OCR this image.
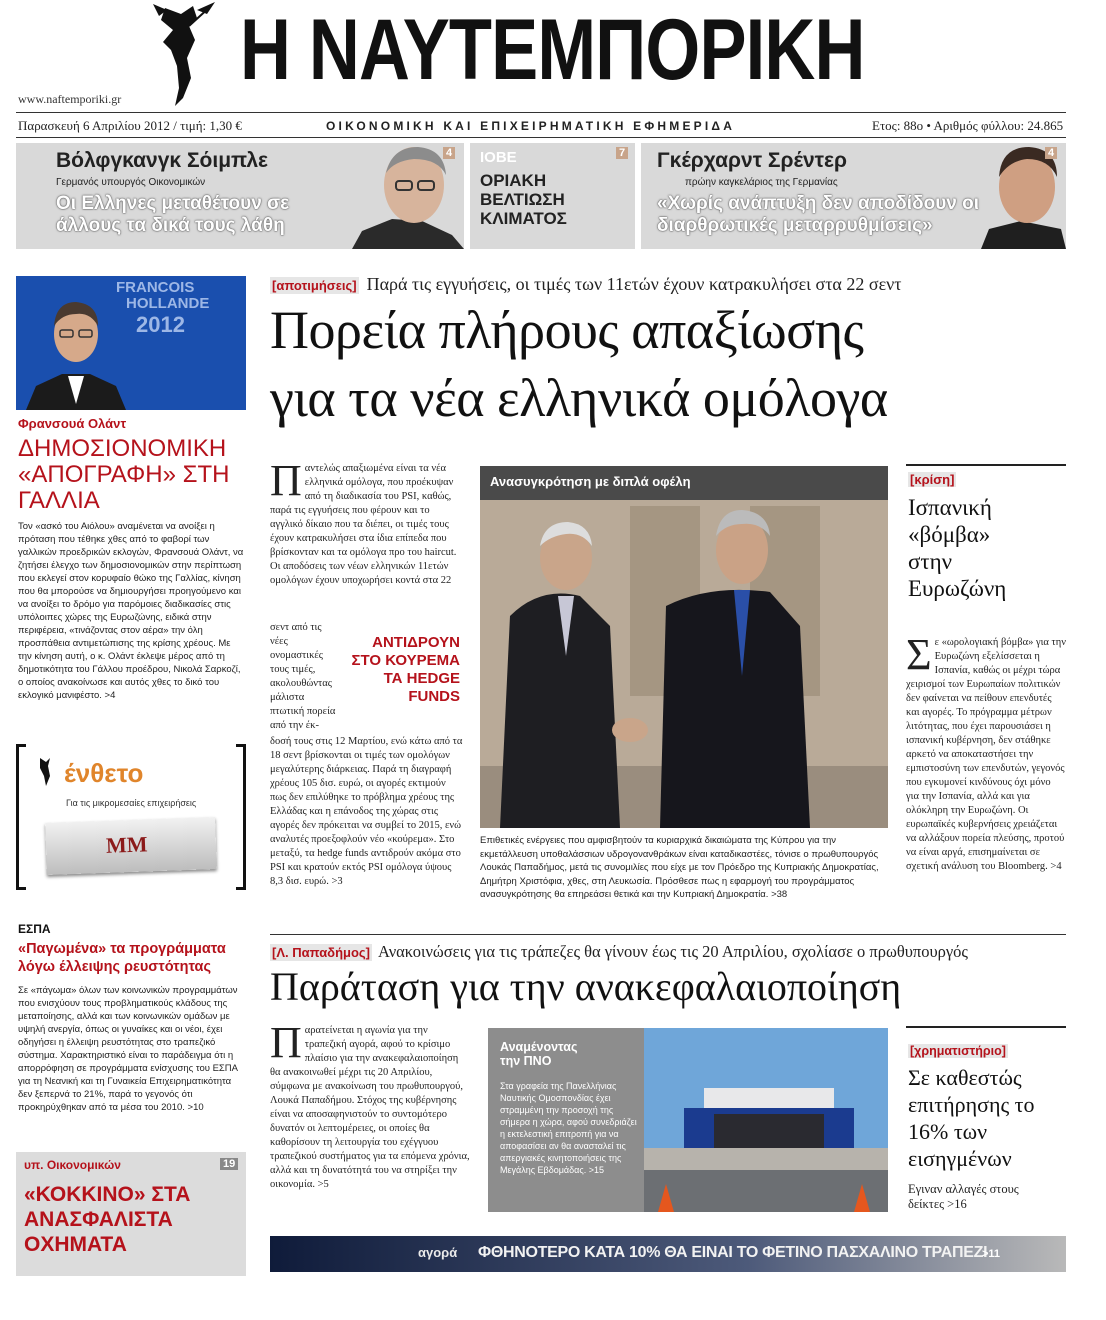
Η ΝΑΥΤΕΜΠΟΡΙΚΗ
www.naftemporiki.gr
Παρασκευή 6 Απριλίου 2012 / τιμή: 1,30 €	ΟΙΚΟΝΟΜΙΚΗ ΚΑΙ ΕΠΙΧΕΙΡΗΜΑΤΙΚΗ ΕΦΗΜΕΡΙΔΑ	Ετος: 88ο • Αριθμός φύλλου: 24.865
Βόλφγκανγκ Σόιμπλε
Γερμανός υπουργός Οικονομικών
Οι Ελληνες μεταθέτουν σε άλλους τα δικά τους λάθη
4 ΙΟΒΕ
ΟΡΙΑΚΗ ΒΕΛΤΙΩΣΗ ΚΛΙΜΑΤΟΣ
7 Γκέρχαρντ Σρέντερ
πρώην καγκελάριος της Γερμανίας
«Χωρίς ανάπτυξη δεν αποδίδουν οι διαρθρωτικές μεταρρυθμίσεις»
4
FRANCOIS
HOLLANDE
2012
Φρανσουά Ολάντ
ΔΗΜΟΣΙΟΝΟΜΙΚΗ «ΑΠΟΓΡΑΦΗ» ΣΤΗ ΓΑΛΛΙΑ
Τον «ασκό του Αιόλου» αναμένεται να ανοίξει η πρόταση που τέθηκε χθες από το φαβορί των γαλλικών προεδρικών εκλογών, Φρανσουά Ολάντ, να ζητήσει έλεγχο των δημοσιονομικών στην περίπτωση που εκλεγεί στον κορυφαίο θώκο της Γαλλίας, κίνηση που θα μπορούσε να δημιουργήσει προηγούμενο και να ανοίξει το δρόμο για παρόμοιες διαδικασίες στις υπόλοιπες χώρες της Ευρωζώνης, ειδικά στην περιφέρεια, «τινάζοντας στον αέρα» την όλη προσπάθεια αντιμετώπισης της κρίσης χρέους. Με την κίνηση αυτή, ο κ. Ολάντ έκλεψε μέρος από τη δημοτικότητα του Γάλλου προέδρου, Νικολά Σαρκοζί, ο οποίος ανακοίνωσε και αυτός χθες το δικό του εκλογικό μανιφέστο. >4
ένθετο
Για τις μικρομεσαίες επιχειρήσεις
MM
ΕΣΠΑ
«Παγωμένα» τα προγράμματα λόγω έλλειψης ρευστότητας
Σε «πάγωμα» όλων των κοινωνικών προγραμμάτων που ενισχύουν τους προβληματικούς κλάδους της μεταποίησης, αλλά και των κοινωνικών ομάδων με υψηλή ανεργία, όπως οι γυναίκες και οι νέοι, έχει οδηγήσει η έλλειψη ρευστότητας στο τραπεζικό σύστημα. Χαρακτηριστικό είναι το παράδειγμα ότι η απορρόφηση σε προγράμματα ενίσχυσης του ΕΣΠΑ για τη Νεανική και τη Γυναικεία Επιχειρηματικότητα δεν ξεπερνά το 21%, παρά το γεγονός ότι προκηρύχθηκαν από τα μέσα του 2010. >10
υπ. Οικονομικών
«ΚΟΚΚΙΝΟ» ΣΤΑ ΑΝΑΣΦΑΛΙΣΤΑ ΟΧΗΜΑΤΑ
19
[αποτιμήσεις] Παρά τις εγγυήσεις, οι τιμές των 11ετών έχουν κατρακυλήσει στα 22 σεντ
Πορεία πλήρους απαξίωσης
για τα νέα ελληνικά ομόλογα
Παντελώς απαξιωμένα είναι τα νέα ελληνικά ομόλογα, που προέκυψαν από τη διαδικασία του PSI, καθώς, παρά τις εγγυήσεις που φέρουν και το αγγλικό δίκαιο που τα διέπει, οι τιμές τους έχουν κατρακυλήσει στα ίδια επίπεδα που βρίσκονταν και τα ομόλογα προ του haircut. Οι αποδόσεις των νέων ελληνικών 11ετών ομολόγων έχουν υποχωρήσει κοντά στα 22
σεντ από τις νέες ονομαστικές τους τιμές, ακολουθώντας μάλιστα πτωτική πορεία από την έκ-
ΑΝΤΙΔΡΟΥΝ ΣΤΟ ΚΟΥΡΕΜΑ ΤΑ HEDGE FUNDS
δοσή τους στις 12 Μαρτίου, ενώ κάτω από τα 18 σεντ βρίσκονται οι τιμές των ομολόγων μεγαλύτερης διάρκειας. Παρά τη διαγραφή χρέους 105 δισ. ευρώ, οι αγορές εκτιμούν πως δεν επιλύθηκε το πρόβλημα χρέους της Ελλάδας και η επάνοδος της χώρας στις αγορές δεν πρόκειται να συμβεί το 2015, ενώ αναλυτές προεξοφλούν νέο «κούρεμα». Στο μεταξύ, τα hedge funds αντιδρούν ακόμα στο PSI και κρατούν εκτός PSI ομόλογα ύψους 8,3 δισ. ευρώ. >3
Ανασυγκρότηση με διπλά οφέλη
Επιθετικές ενέργειες που αμφισβητούν τα κυριαρχικά δικαιώματα της Κύπρου για την εκμετάλλευση υποθαλάσσιων υδρογονανθράκων είναι καταδικαστέες, τόνισε ο πρωθυπουργός Λουκάς Παπαδήμος, μετά τις συνομιλίες που είχε με τον Πρόεδρο της Κυπριακής Δημοκρατίας, Δημήτρη Χριστόφια, χθες, στη Λευκωσία. Πρόσθεσε πως η εφαρμογή του προγράμματος ανασυγκρότησης θα επηρεάσει θετικά και την Κυπριακή Δημοκρατία. >38
[κρίση]
Ισπανική «βόμβα» στην Ευρωζώνη
Σε «ωρολογιακή βόμβα» για την Ευρωζώνη εξελίσσεται η Ισπανία, καθώς οι μέχρι τώρα χειρισμοί των Ευρωπαίων πολιτικών δεν φαίνεται να πείθουν επενδυτές και αγορές. Το πρόγραμμα μέτρων λιτότητας, που έχει παρουσιάσει η ισπανική κυβέρνηση, δεν στάθηκε αρκετό να αποκαταστήσει την εμπιστοσύνη των επενδυτών, γεγονός που εγκυμονεί κινδύνους όχι μόνο για την Ισπανία, αλλά και για ολόκληρη την Ευρωζώνη. Οι ευρωπαϊκές κυβερνήσεις χρειάζεται να αλλάξουν πορεία πλεύσης, προτού να είναι αργά, επισημαίνεται σε σχετική ανάλυση του Bloomberg. >4
[Λ. Παπαδήμος] Ανακοινώσεις για τις τράπεζες θα γίνουν έως τις 20 Απριλίου, σχολίασε ο πρωθυπουργός
Παράταση για την ανακεφαλαιοποίηση
Παρατείνεται η αγωνία για την τραπεζική αγορά, αφού το κρίσιμο πλαίσιο για την ανακεφαλαιοποίηση θα ανακοινωθεί μέχρι τις 20 Απριλίου, σύμφωνα με ανακοίνωση του πρωθυπουργού, Λουκά Παπαδήμου. Στόχος της κυβέρνησης είναι να αποσαφηνιστούν το συντομότερο δυνατόν οι λεπτομέρειες, οι οποίες θα καθορίσουν τη λειτουργία του εχέγγυου τραπεζικού συστήματος για τα επόμενα χρόνια, αλλά και τη δυνατότητά του να στηρίξει την οικονομία. >5
Αναμένοντας την ΠΝΟ
Στα γραφεία της Πανελλήνιας Ναυτικής Ομοσπονδίας έχει στραμμένη την προσοχή της σήμερα η χώρα, αφού συνεδριάζει η εκτελεστική επιτροπή για να αποφασίσει αν θα ανασταλεί τις απεργιακές κινητοποιήσεις της Μεγάλης Εβδομάδας. >15
[χρηματιστήριο]
Σε καθεστώς επιτήρησης το 16% των εισηγμένων
Εγιναν αλλαγές στους δείκτες >16
αγορά ΦΘΗΝΟΤΕΡΟ ΚΑΤΑ 10% ΘΑ ΕΙΝΑΙ ΤΟ ΦΕΤΙΝΟ ΠΑΣΧΑΛΙΝΟ ΤΡΑΠΕΖΙ
>11
